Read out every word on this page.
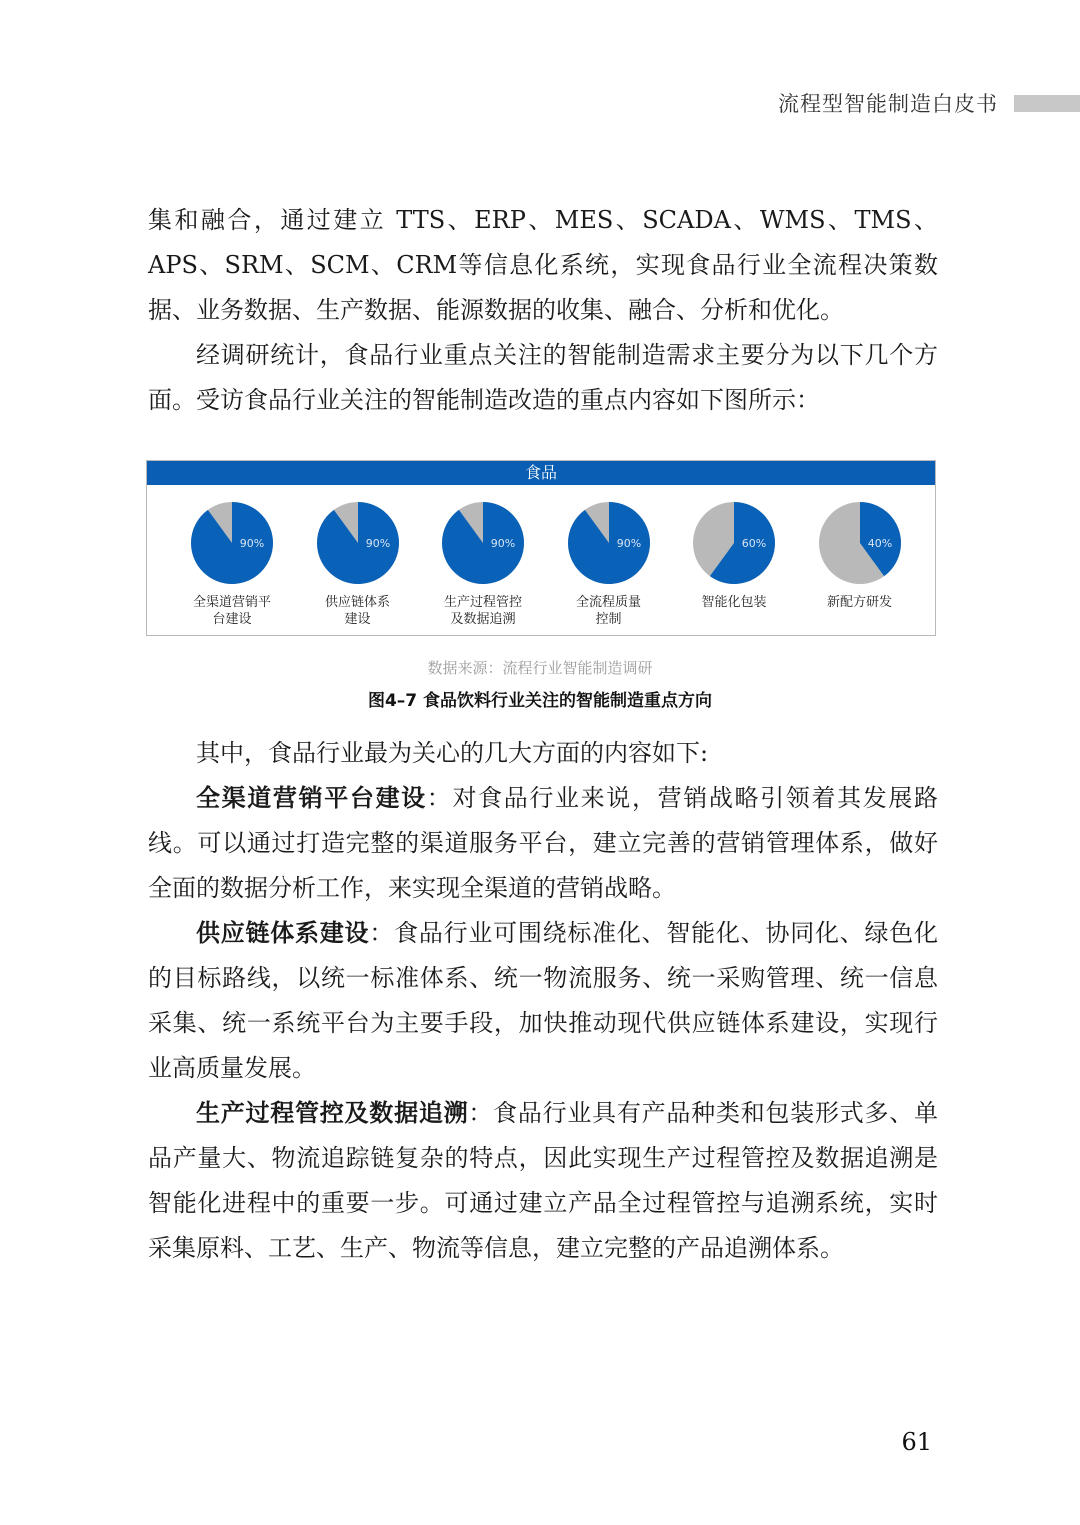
流程型智能制造白皮书

集和融合，通过建立 TTS、ERP、MES、SCADA、WMS、TMS、APS、SRM、SCM、CRM等信息化系统，实现食品行业全流程决策数据、业务数据、生产数据、能源数据的收集、融合、分析和优化。

经调研统计，食品行业重点关注的智能制造需求主要分为以下几个方面。受访食品行业关注的智能制造改造的重点内容如下图所示：

食品
90%
全渠道营销平
台建设
90%
供应链体系
建设
90%
生产过程管控
及数据追溯
90%
全流程质量
控制
60%
智能化包装
40%
新配方研发
数据来源：流程行业智能制造调研
图4–7 食品饮料行业关注的智能制造重点方向

其中，食品行业最为关心的几大方面的内容如下:

全渠道营销平台建设：对食品行业来说，营销战略引领着其发展路线。可以通过打造完整的渠道服务平台，建立完善的营销管理体系，做好全面的数据分析工作，来实现全渠道的营销战略。

供应链体系建设：食品行业可围绕标准化、智能化、协同化、绿色化的目标路线，以统一标准体系、统一物流服务、统一采购管理、统一信息采集、统一系统平台为主要手段，加快推动现代供应链体系建设，实现行业高质量发展。

生产过程管控及数据追溯：食品行业具有产品种类和包装形式多、单品产量大、物流追踪链复杂的特点，因此实现生产过程管控及数据追溯是智能化进程中的重要一步。可通过建立产品全过程管控与追溯系统，实时采集原料、工艺、生产、物流等信息，建立完整的产品追溯体系。

61
